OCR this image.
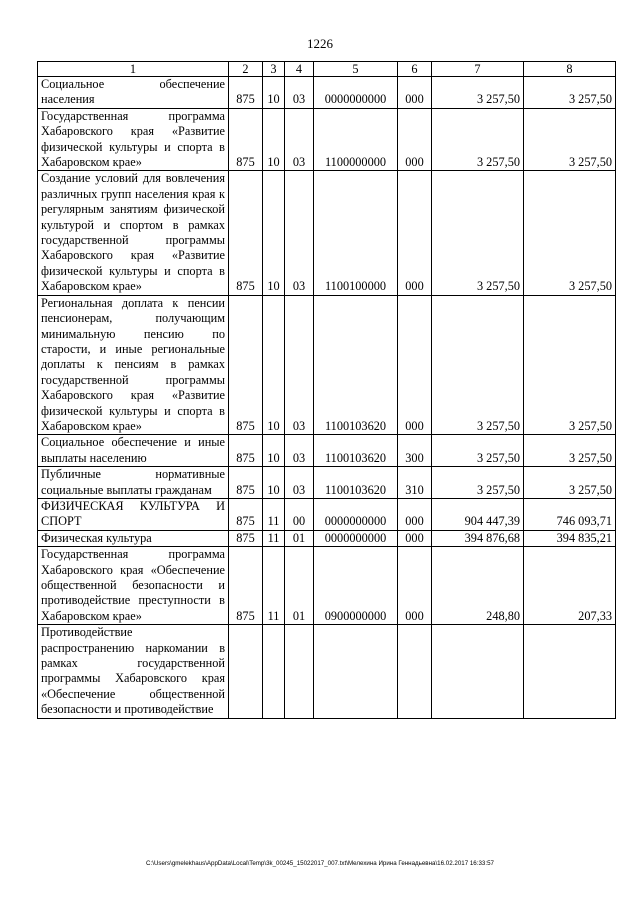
1226
1	2	3	4	5	6	7	8
Социальное обеспечение населения	875	10	03	0000000000	000	3 257,50	3 257,50
Государственная программа Хабаровского края «Развитие физической культуры и спорта в Хабаровском крае»	875	10	03	1100000000	000	3 257,50	3 257,50
Создание условий для вовлечения различных групп населения края к регулярным занятиям физической культурой и спортом в рамках государственной программы Хабаровского края «Развитие физической культуры и спорта в Хабаровском крае»	875	10	03	1100100000	000	3 257,50	3 257,50
Региональная доплата к пенсии пенсионерам, получающим минимальную пенсию по старости, и иные региональные доплаты к пенсиям в рамках государственной программы Хабаровского края «Развитие физической культуры и спорта в Хабаровском крае»	875	10	03	1100103620	000	3 257,50	3 257,50
Социальное обеспечение и иные выплаты населению	875	10	03	1100103620	300	3 257,50	3 257,50
Публичные нормативные социальные выплаты гражданам	875	10	03	1100103620	310	3 257,50	3 257,50
ФИЗИЧЕСКАЯ КУЛЬТУРА И СПОРТ	875	11	00	0000000000	000	904 447,39	746 093,71
Физическая культура	875	11	01	0000000000	000	394 876,68	394 835,21
Государственная программа Хабаровского края «Обеспечение общественной безопасности и противодействие преступности в Хабаровском крае»	875	11	01	0900000000	000	248,80	207,33
Противодействие распространению наркомании в рамках государственной программы Хабаровского края «Обеспечение общественной безопасности и противодействие							
C:\Users\gmelekhaus\AppData\Local\Temp\3k_00245_15022017_007.txt\Мелехина Ирина Геннадьевна\16.02.2017 16:33:57
